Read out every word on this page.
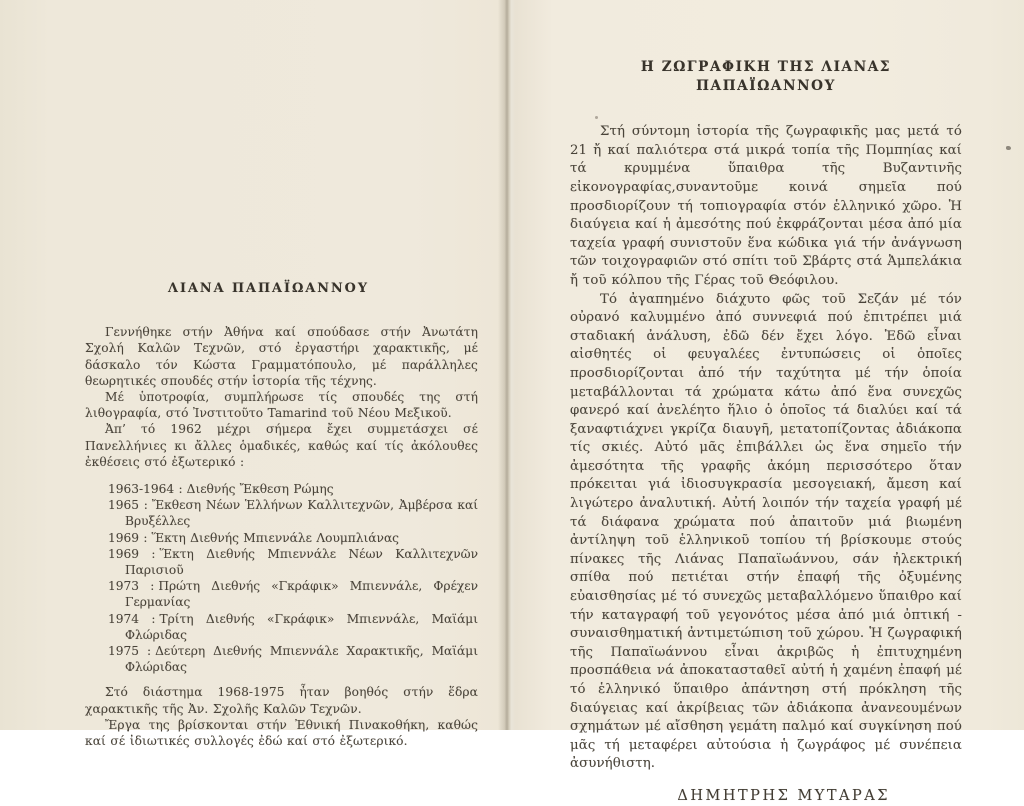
ΛΙΑΝΑ ΠΑΠΑΪΩΑΝΝΟΥ

Γεννήθηκε στήν Ἀθήνα καί σπούδασε στήν Ἀνωτάτη Σχολή Καλῶν Τεχνῶν, στό ἐργαστήρι χαρακτικῆς, μέ δάσκαλο τόν Κώστα Γραμματόπουλο, μέ παράλληλες θεωρητικές σπουδές στήν ἱστορία τῆς τέχνης.

Μέ ὑποτροφία, συμπλήρωσε τίς σπουδές της στή λιθογραφία, στό Ἰνστιτοῦτο Tamarind τοῦ Νέου Μεξικοῦ.

Ἀπ’ τό 1962 μέχρι σήμερα ἔχει συμμετάσχει σέ Πανελλήνιες κι ἄλλες ὁμαδικές, καθώς καί τίς ἀκόλουθες ἐκθέσεις στό ἐξωτερικό :

1963-1964 : Διεθνής Ἔκθεση Ρώμης
1965 : Ἔκθεση Νέων Ἑλλήνων Καλλιτεχνῶν, Ἀμβέρσα καί Βρυξέλλες
1969 : Ἕκτη Διεθνής Μπιεννάλε Λουμπλιάνας
1969 : Ἕκτη Διεθνής Μπιεννάλε Νέων Καλλιτεχνῶν Παρισιοῦ
1973 : Πρώτη Διεθνής «Γκράφικ» Μπιεννάλε, Φρέχεν Γερμανίας
1974 : Τρίτη Διεθνής «Γκράφικ» Μπιεννάλε, Μαϊάμι Φλώριδας
1975 : Δεύτερη Διεθνής Μπιεννάλε Χαρακτικῆς, Μαϊάμι Φλώριδας

Στό διάστημα 1968-1975 ἦταν βοηθός στήν ἕδρα χαρακτικῆς τῆς Ἀν. Σχολῆς Καλῶν Τεχνῶν.

Ἔργα της βρίσκονται στήν Ἐθνική Πινακοθήκη, καθώς καί σέ ἰδιωτικές συλλογές ἐδώ καί στό ἐξωτερικό.

Η ΖΩΓΡΑΦΙΚΗ ΤΗΣ ΛΙΑΝΑΣ ΠΑΠΑΪΩΑΝΝΟΥ

Στή σύντομη ἱστορία τῆς ζωγραφικῆς μας μετά τό 21 ἤ καί παλιότερα στά μικρά τοπία τῆς Πομπηίας καί τά κρυμμένα ὕπαιθρα τῆς Βυζαντινῆς εἰκονογραφίας,συναντοῦμε κοινά σημεῖα πού προσδιορίζουν τή τοπιογραφία στόν ἑλληνικό χῶρο. Ἡ διαύγεια καί ἡ ἀμεσότης πού ἐκφράζονται μέσα ἀπό μία ταχεία γραφή συνιστοῦν ἕνα κώδικα γιά τήν ἀνάγνωση τῶν τοιχογραφιῶν στό σπίτι τοῦ Σβάρτς στά Ἀμπελάκια ἤ τοῦ κόλπου τῆς Γέρας τοῦ Θεόφιλου.

Τό ἀγαπημένο διάχυτο φῶς τοῦ Σεζάν μέ τόν οὐρανό καλυμμένο ἀπό συννεφιά πού ἐπιτρέπει μιά σταδιακή ἀνάλυση, ἐδῶ δέν ἔχει λόγο. Ἐδῶ εἶναι αἰσθητές οἱ φευγαλέες ἐντυπώσεις οἱ ὁποῖες προσδιορίζονται ἀπό τήν ταχύτητα μέ τήν ὁποία μεταβάλλονται τά χρώματα κάτω ἀπό ἕνα συνεχῶς φανερό καί ἀνελέητο ἥλιο ὁ ὁποῖος τά διαλύει καί τά ξαναφτιάχνει γκρίζα διαυγῆ, μετατοπίζοντας ἀδιάκοπα τίς σκιές. Αὐτό μᾶς ἐπιβάλλει ὡς ἕνα σημεῖο τήν ἀμεσότητα τῆς γραφῆς ἀκόμη περισσότερο ὅταν πρόκειται γιά ἰδιοσυγκρασία μεσογειακή, ἄμεση καί λιγώτερο ἀναλυτική. Αὐτή λοιπόν τήν ταχεία γραφή μέ τά διάφανα χρώματα πού ἀπαιτοῦν μιά βιωμένη ἀντίληψη τοῦ ἑλληνικοῦ τοπίου τή βρίσκουμε στούς πίνακες τῆς Λιάνας Παπαϊωάννου, σάν ἠλεκτρική σπίθα πού πετιέται στήν ἐπαφή τῆς ὀξυμένης εὐαισθησίας μέ τό συνεχῶς μεταβαλλόμενο ὕπαιθρο καί τήν καταγραφή τοῦ γεγονότος μέσα ἀπό μιά ὀπτική - συναισθηματική ἀντιμετώπιση τοῦ χώρου. Ἡ ζωγραφική τῆς Παπαϊωάννου εἶναι ἀκριβῶς ἡ ἐπιτυχημένη προσπάθεια νά ἀποκατασταθεῖ αὐτή ἡ χαμένη ἐπαφή μέ τό ἑλληνικό ὕπαιθρο ἀπάντηση στή πρόκληση τῆς διαύγειας καί ἀκρίβειας τῶν ἀδιάκοπα ἀνανεουμένων σχημάτων μέ αἴσθηση γεμάτη παλμό καί συγκίνηση πού μᾶς τή μεταφέρει αὐτούσια ἡ ζωγράφος μέ συνέπεια ἀσυνήθιστη.

ΔΗΜΗΤΡΗΣ ΜΥΤΑΡΑΣ
